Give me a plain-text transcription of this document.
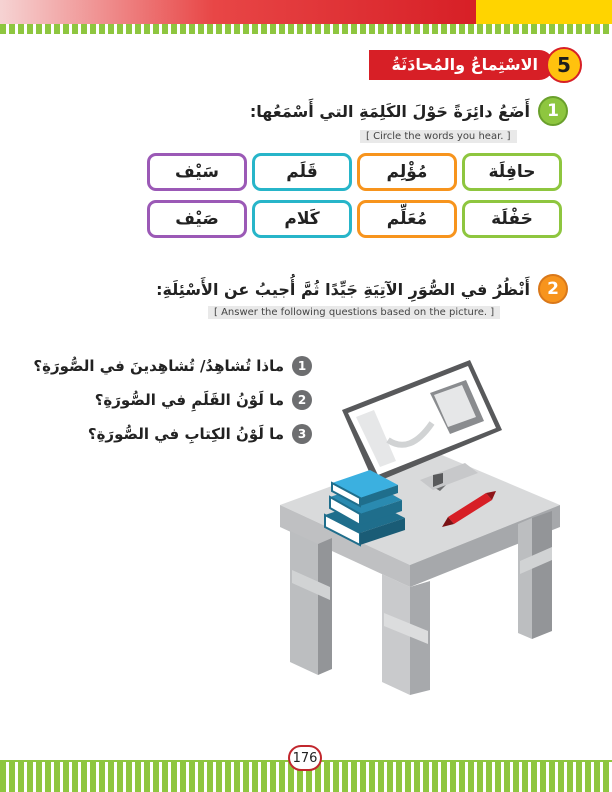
5
الاسْتِماعُ والمُحادَثَةُ
1
أَضَعُ دائِرَةً حَوْلَ الكَلِمَةِ التي أَسْمَعُها:
[ Circle the words you hear. ]
حافِلَة
مُؤْلِم
قَلَم
سَيْف
حَفْلَة
مُعَلِّم
كَلام
صَيْف
2
أَنْظُرُ في الصُّوَرِ الآتِيَةِ جَيِّدًا ثُمَّ أُجيبُ عن الأَسْئِلَةِ:
[ Answer the following questions based on the picture. ]
1
ماذا تُشاهِدُ/ تُشاهِدينَ في الصُّورَةِ؟
2
ما لَوْنُ القَلَمِ في الصُّورَةِ؟
3
ما لَوْنُ الكِتابِ في الصُّورَةِ؟
176
